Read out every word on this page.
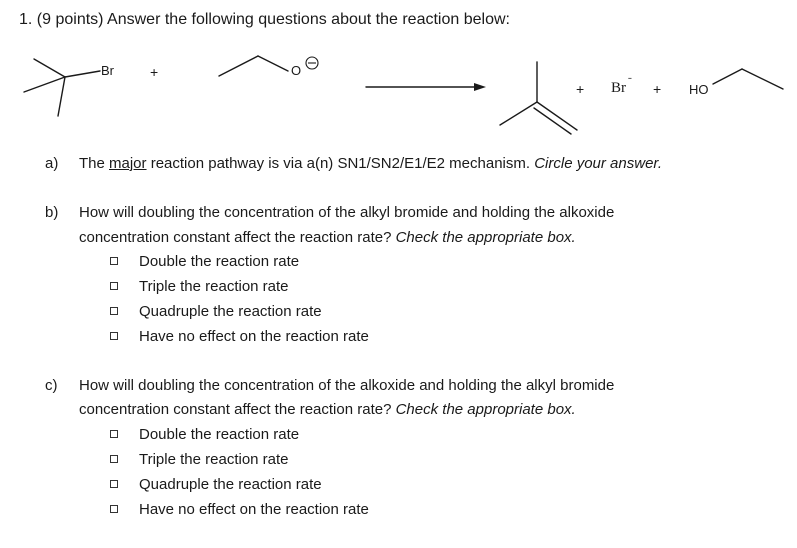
1. (9 points) Answer the following questions about the reaction below:
Br	+	O
+ Br ˉ + HO
a) The major reaction pathway is via a(n) SN1/SN2/E1/E2 mechanism. Circle your answer.
b) How will doubling the concentration of the alkyl bromide and holding the alkoxide
concentration constant affect the reaction rate? Check the appropriate box.
Double the reaction rate
Triple the reaction rate
Quadruple the reaction rate
Have no effect on the reaction rate
c) How will doubling the concentration of the alkoxide and holding the alkyl bromide
concentration constant affect the reaction rate? Check the appropriate box.
Double the reaction rate
Triple the reaction rate
Quadruple the reaction rate
Have no effect on the reaction rate
